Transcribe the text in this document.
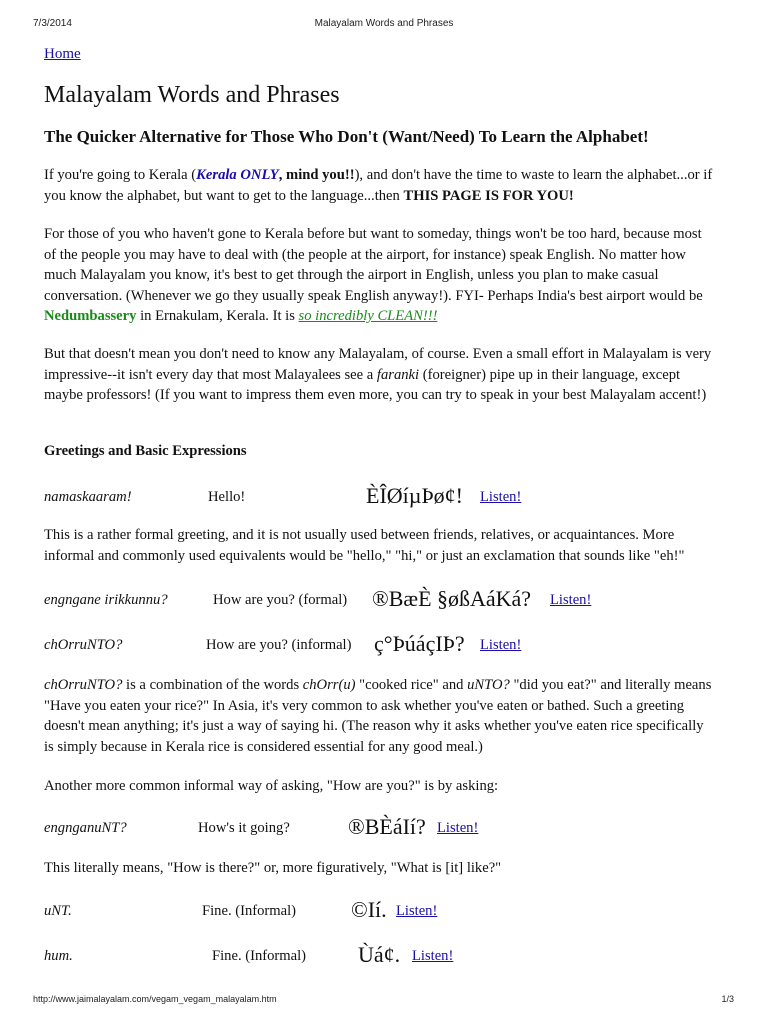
7/3/2014	Malayalam Words and Phrases
Home
Malayalam Words and Phrases
The Quicker Alternative for Those Who Don't (Want/Need) To Learn the Alphabet!

If you're going to Kerala (Kerala ONLY, mind you!!), and don't have the time to waste to learn the alphabet...or if you know the alphabet, but want to get to the language...then THIS PAGE IS FOR YOU!

For those of you who haven't gone to Kerala before but want to someday, things won't be too hard, because most of the people you may have to deal with (the people at the airport, for instance) speak English. No matter how much Malayalam you know, it's best to get through the airport in English, unless you plan to make casual conversation. (Whenever we go they usually speak English anyway!). FYI- Perhaps India's best airport would be Nedumbassery in Ernakulam, Kerala. It is so incredibly CLEAN!!!

But that doesn't mean you don't need to know any Malayalam, of course. Even a small effort in Malayalam is very impressive--it isn't every day that most Malayalees see a faranki (foreigner) pipe up in their language, except maybe professors! (If you want to impress them even more, you can try to speak in your best Malayalam accent!)

Greetings and Basic Expressions
namaskaaram!	Hello!	ÈÎØíµÞø¢! Listen!

This is a rather formal greeting, and it is not usually used between friends, relatives, or acquaintances. More informal and commonly used equivalents would be "hello," "hi," or just an exclamation that sounds like "eh!"

engngane irikkunnu?	How are you? (formal) ®BæÈ §øßAáKá? Listen!
chOrruNTO?	How are you? (informal) ç°ÞúáçIÞ? Listen!

chOrruNTO? is a combination of the words chOrr(u) "cooked rice" and uNTO? "did you eat?" and literally means "Have you eaten your rice?" In Asia, it's very common to ask whether you've eaten or bathed. Such a greeting doesn't mean anything; it's just a way of saying hi. (The reason why it asks whether you've eaten rice specifically is simply because in Kerala rice is considered essential for any good meal.)

Another more common informal way of asking, "How are you?" is by asking:

engnganuNT?	How's it going?	®BÈáIí? Listen!

This literally means, "How is there?" or, more figuratively, "What is [it] like?"

uNT.	Fine. (Informal) ©Ií. Listen!
hum.	Fine. (Informal) Ùá¢. Listen!
http://www.jaimalayalam.com/vegam_vegam_malayalam.htm	1/3
